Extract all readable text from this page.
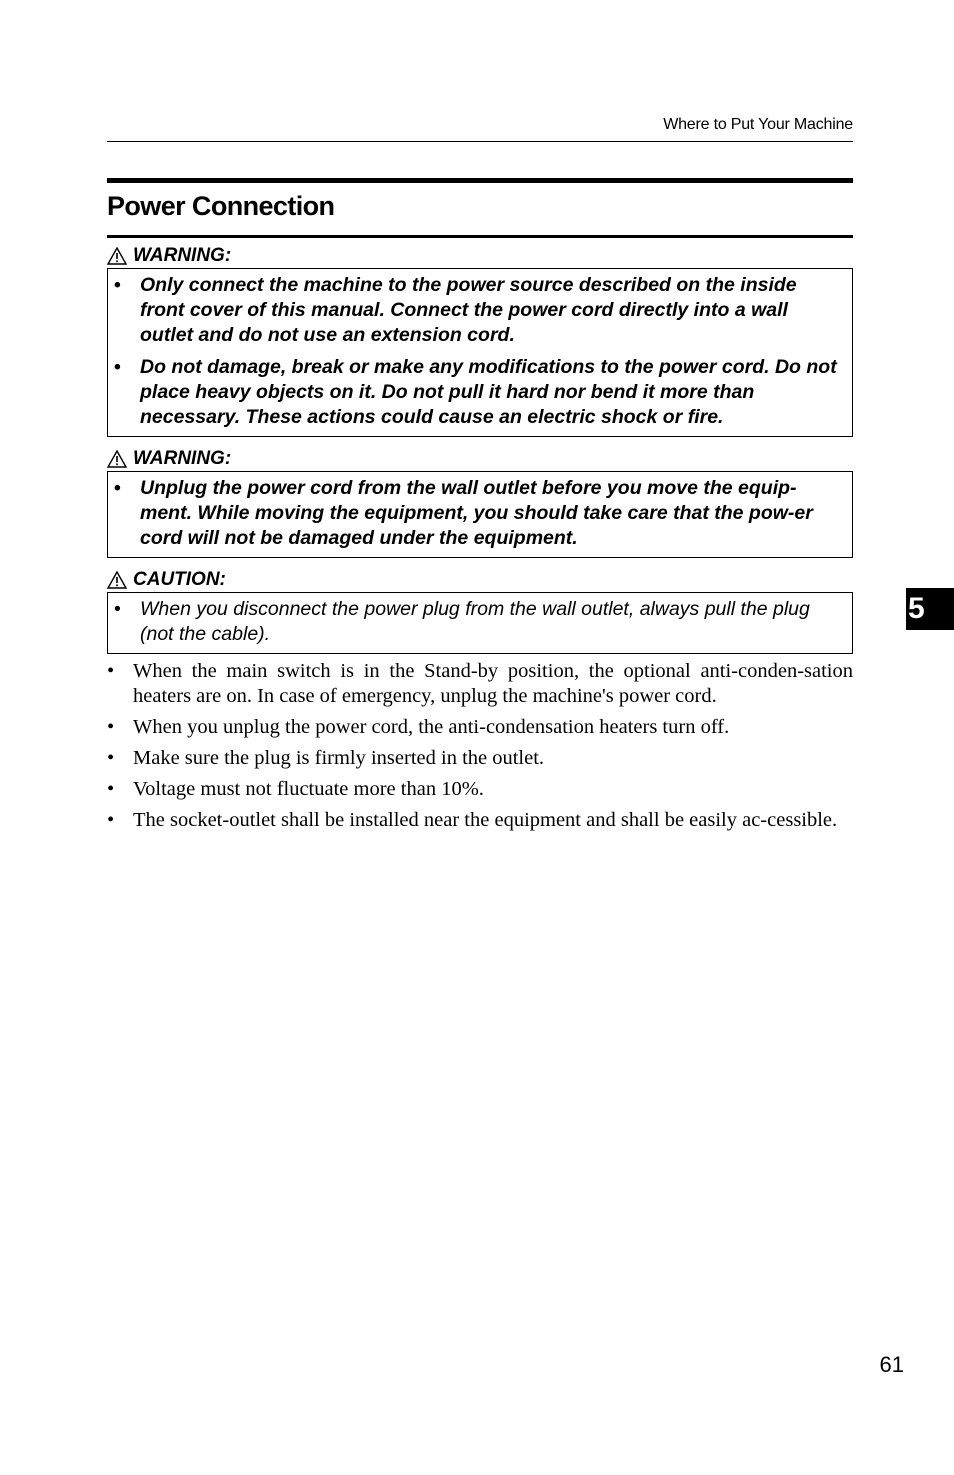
Where to Put Your Machine
Power Connection
WARNING:
• Only connect the machine to the power source described on the inside front cover of this manual. Connect the power cord directly into a wall outlet and do not use an extension cord.
• Do not damage, break or make any modifications to the power cord. Do not place heavy objects on it. Do not pull it hard nor bend it more than necessary. These actions could cause an electric shock or fire.
WARNING:
• Unplug the power cord from the wall outlet before you move the equip-ment. While moving the equipment, you should take care that the pow-er cord will not be damaged under the equipment.
CAUTION:
• When you disconnect the power plug from the wall outlet, always pull the plug (not the cable).
• When the main switch is in the Stand-by position, the optional anti-conden-sation heaters are on. In case of emergency, unplug the machine's power cord.
• When you unplug the power cord, the anti-condensation heaters turn off.
• Make sure the plug is firmly inserted in the outlet.
• Voltage must not fluctuate more than 10%.
• The socket-outlet shall be installed near the equipment and shall be easily ac-cessible.
5
61
